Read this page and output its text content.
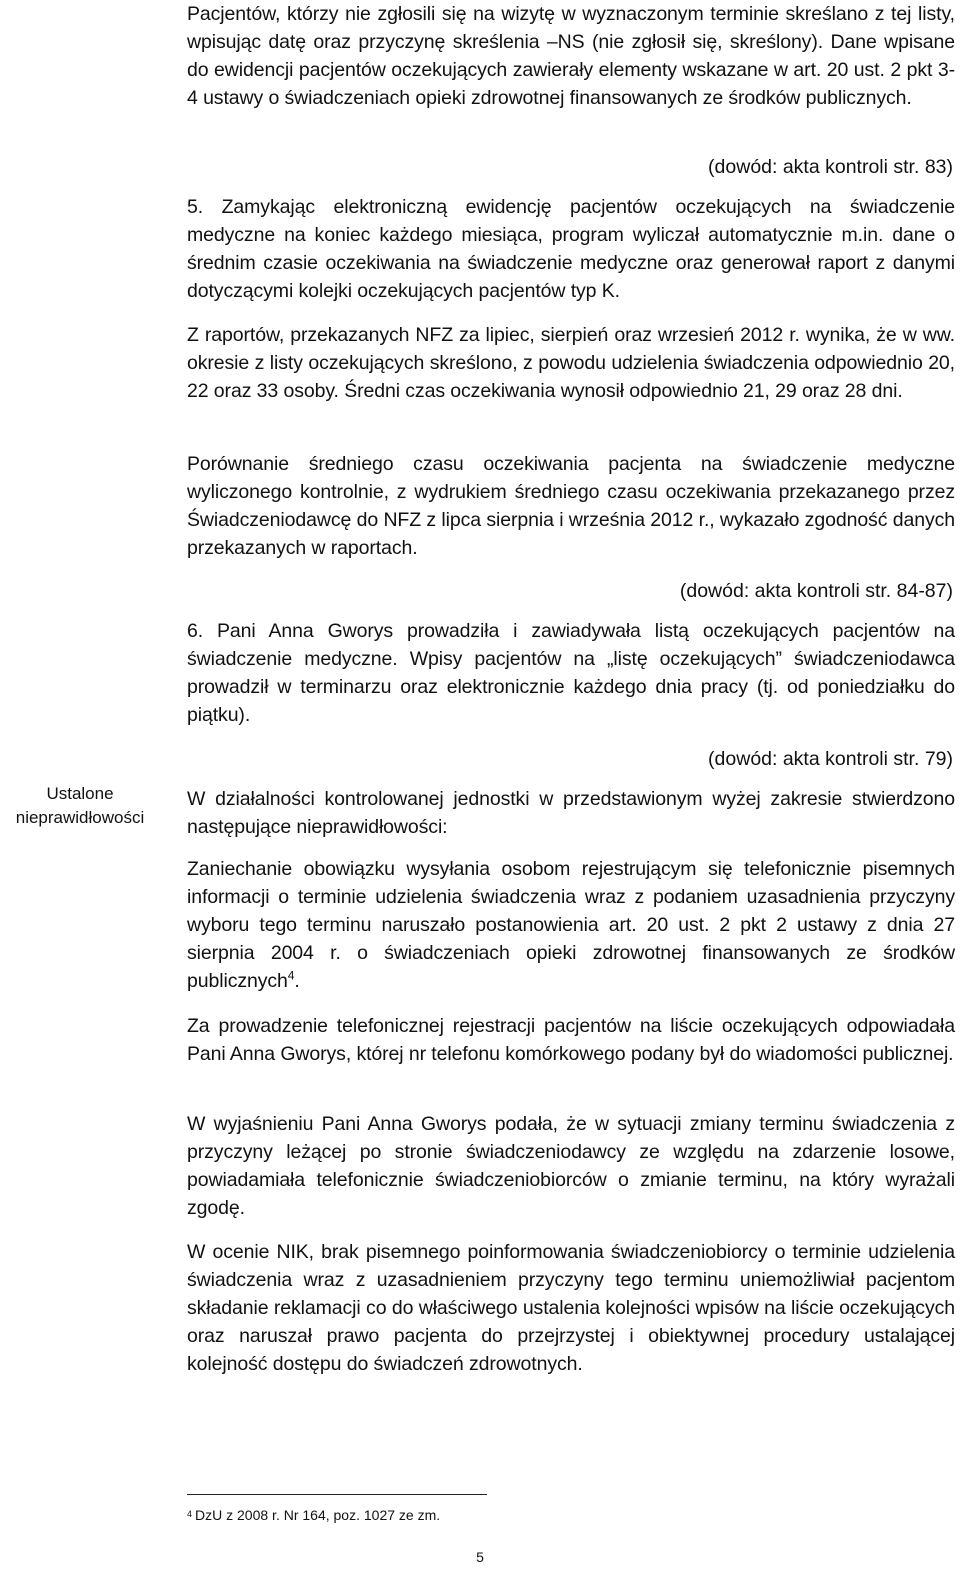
Ustalone
nieprawidłowości

Pacjentów, którzy nie zgłosili się na wizytę w wyznaczonym terminie skreślano z tej listy, wpisując datę oraz przyczynę skreślenia –NS (nie zgłosił się, skreślony). Dane wpisane do ewidencji pacjentów oczekujących zawierały elementy wskazane w art. 20 ust. 2 pkt 3-4 ustawy o świadczeniach opieki zdrowotnej finansowanych ze środków publicznych.

(dowód: akta kontroli str. 83)

5. Zamykając elektroniczną ewidencję pacjentów oczekujących na świadczenie medyczne na koniec każdego miesiąca, program wyliczał automatycznie m.in. dane o średnim czasie oczekiwania na świadczenie medyczne oraz generował raport z danymi dotyczącymi kolejki oczekujących pacjentów typ K.

Z raportów, przekazanych NFZ za lipiec, sierpień oraz wrzesień 2012 r. wynika, że w ww. okresie z listy oczekujących skreślono, z powodu udzielenia świadczenia odpowiednio 20, 22 oraz 33 osoby. Średni czas oczekiwania wynosił odpowiednio 21, 29 oraz 28 dni.

Porównanie średniego czasu oczekiwania pacjenta na świadczenie medyczne wyliczonego kontrolnie, z wydrukiem średniego czasu oczekiwania przekazanego przez Świadczeniodawcę do NFZ z lipca sierpnia i września 2012 r., wykazało zgodność danych przekazanych w raportach.

(dowód: akta kontroli str. 84-87)

6. Pani Anna Gworys prowadziła i zawiadywała listą oczekujących pacjentów na świadczenie medyczne. Wpisy pacjentów na „listę oczekujących” świadczeniodawca prowadził w terminarzu oraz elektronicznie każdego dnia pracy (tj. od poniedziałku do piątku).

(dowód: akta kontroli str. 79)

W działalności kontrolowanej jednostki w przedstawionym wyżej zakresie stwierdzono następujące nieprawidłowości:

Zaniechanie obowiązku wysyłania osobom rejestrującym się telefonicznie pisemnych informacji o terminie udzielenia świadczenia wraz z podaniem uzasadnienia przyczyny wyboru tego terminu naruszało postanowienia art. 20 ust. 2 pkt 2 ustawy z dnia 27 sierpnia 2004 r. o świadczeniach opieki zdrowotnej finansowanych ze środków publicznych$^4$.

Za prowadzenie telefonicznej rejestracji pacjentów na liście oczekujących odpowiadała Pani Anna Gworys, której nr telefonu komórkowego podany był do wiadomości publicznej.

W wyjaśnieniu Pani Anna Gworys podała, że w sytuacji zmiany terminu świadczenia z przyczyny leżącej po stronie świadczeniodawcy ze względu na zdarzenie losowe, powiadamiała telefonicznie świadczeniobiorców o zmianie terminu, na który wyrażali zgodę.

W ocenie NIK, brak pisemnego poinformowania świadczeniobiorcy o terminie udzielenia świadczenia wraz z uzasadnieniem przyczyny tego terminu uniemożliwiał pacjentom składanie reklamacji co do właściwego ustalenia kolejności wpisów na liście oczekujących oraz naruszał prawo pacjenta do przejrzystej i obiektywnej procedury ustalającej kolejność dostępu do świadczeń zdrowotnych.

$^4$ DzU z 2008 r. Nr 164, poz. 1027 ze zm.
5
